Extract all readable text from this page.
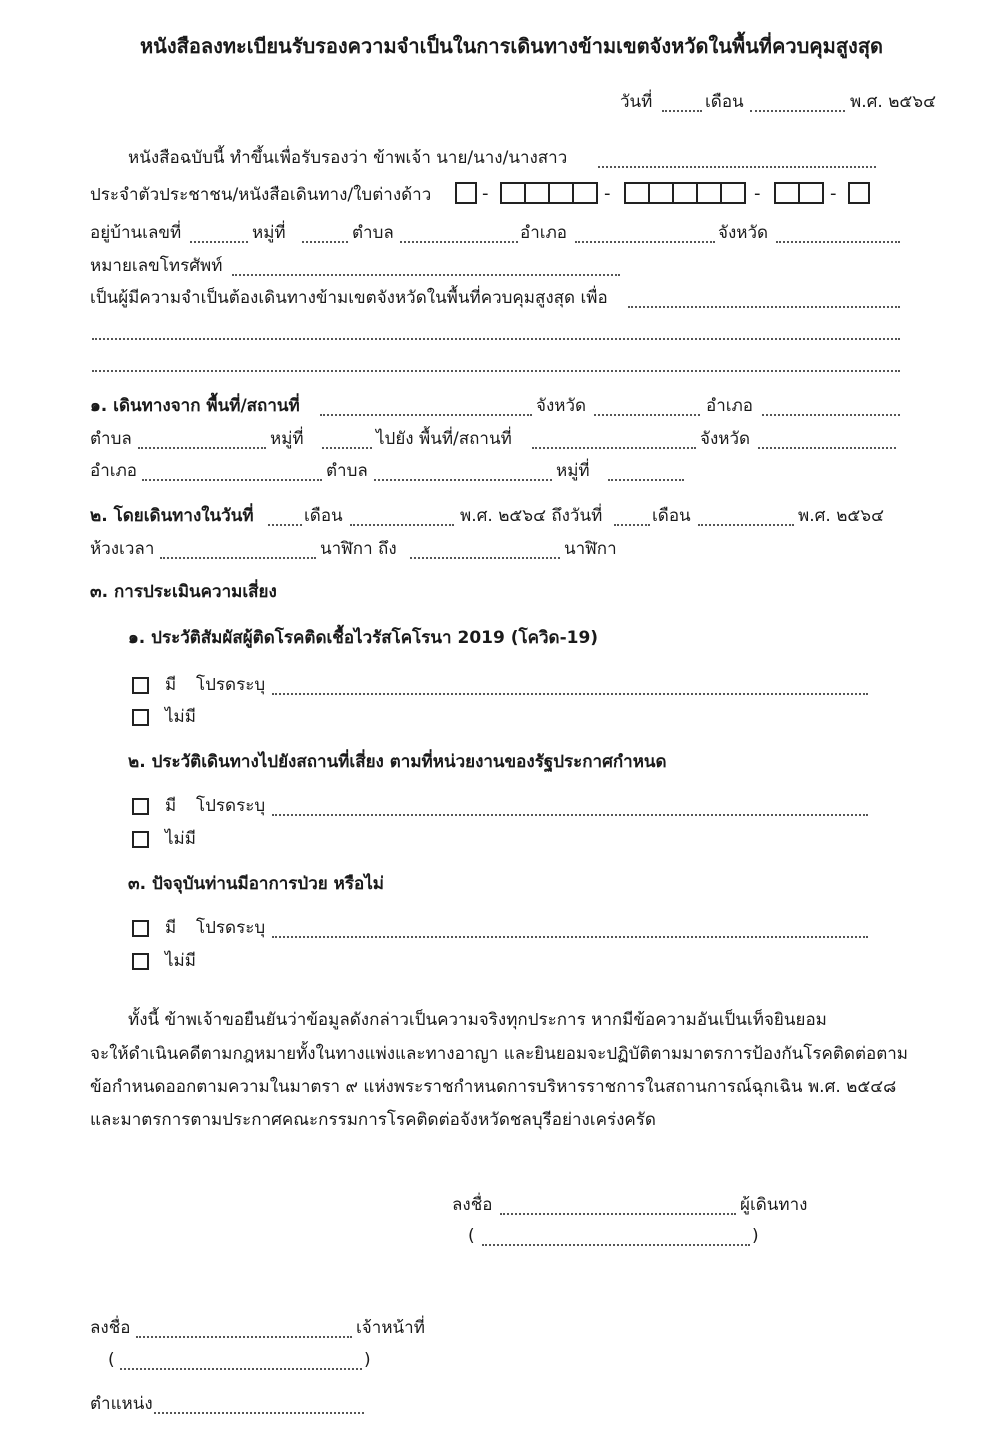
หนังสือลงทะเบียนรับรองความจำเป็นในการเดินทางข้ามเขตจังหวัดในพื้นที่ควบคุมสูงสุด
วันที่	เดือน	พ.ศ. ๒๕๖๔
หนังสือฉบับนี้ ทำขึ้นเพื่อรับรองว่า ข้าพเจ้า นาย/นาง/นางสาว
ประจำตัวประชาชน/หนังสือเดินทาง/ใบต่างด้าว	-	-	-	-
อยู่บ้านเลขที่	หมู่ที่	ตำบล	อำเภอ	จังหวัด
หมายเลขโทรศัพท์
เป็นผู้มีความจำเป็นต้องเดินทางข้ามเขตจังหวัดในพื้นที่ควบคุมสูงสุด เพื่อ
๑. เดินทางจาก พื้นที่/สถานที่	จังหวัด	อำเภอ
ตำบล	หมู่ที่	ไปยัง พื้นที่/สถานที่	จังหวัด
อำเภอ	ตำบล	หมู่ที่
๒. โดยเดินทางในวันที่	เดือน	พ.ศ. ๒๕๖๔ ถึงวันที่	เดือน	พ.ศ. ๒๕๖๔
ห้วงเวลา	นาฬิกา ถึง	นาฬิกา
๓. การประเมินความเสี่ยง
๑. ประวัติสัมผัสผู้ติดโรคติดเชื้อไวรัสโคโรนา 2019 (โควิด-19)
มี โปรดระบุ
ไม่มี
๒. ประวัติเดินทางไปยังสถานที่เสี่ยง ตามที่หน่วยงานของรัฐประกาศกำหนด
มี โปรดระบุ
ไม่มี
๓. ปัจจุบันท่านมีอาการป่วย หรือไม่
มี โปรดระบุ
ไม่มี
ทั้งนี้ ข้าพเจ้าขอยืนยันว่าข้อมูลดังกล่าวเป็นความจริงทุกประการ หากมีข้อความอันเป็นเท็จยินยอม
จะให้ดำเนินคดีตามกฎหมายทั้งในทางแพ่งและทางอาญา และยินยอมจะปฏิบัติตามมาตรการป้องกันโรคติดต่อตาม
ข้อกำหนดออกตามความในมาตรา ๙ แห่งพระราชกำหนดการบริหารราชการในสถานการณ์ฉุกเฉิน พ.ศ. ๒๕๔๘
และมาตรการตามประกาศคณะกรรมการโรคติดต่อจังหวัดชลบุรีอย่างเคร่งครัด
ลงชื่อ	ผู้เดินทาง
(	)
ลงชื่อ	เจ้าหน้าที่
(	)
ตำแหน่ง
